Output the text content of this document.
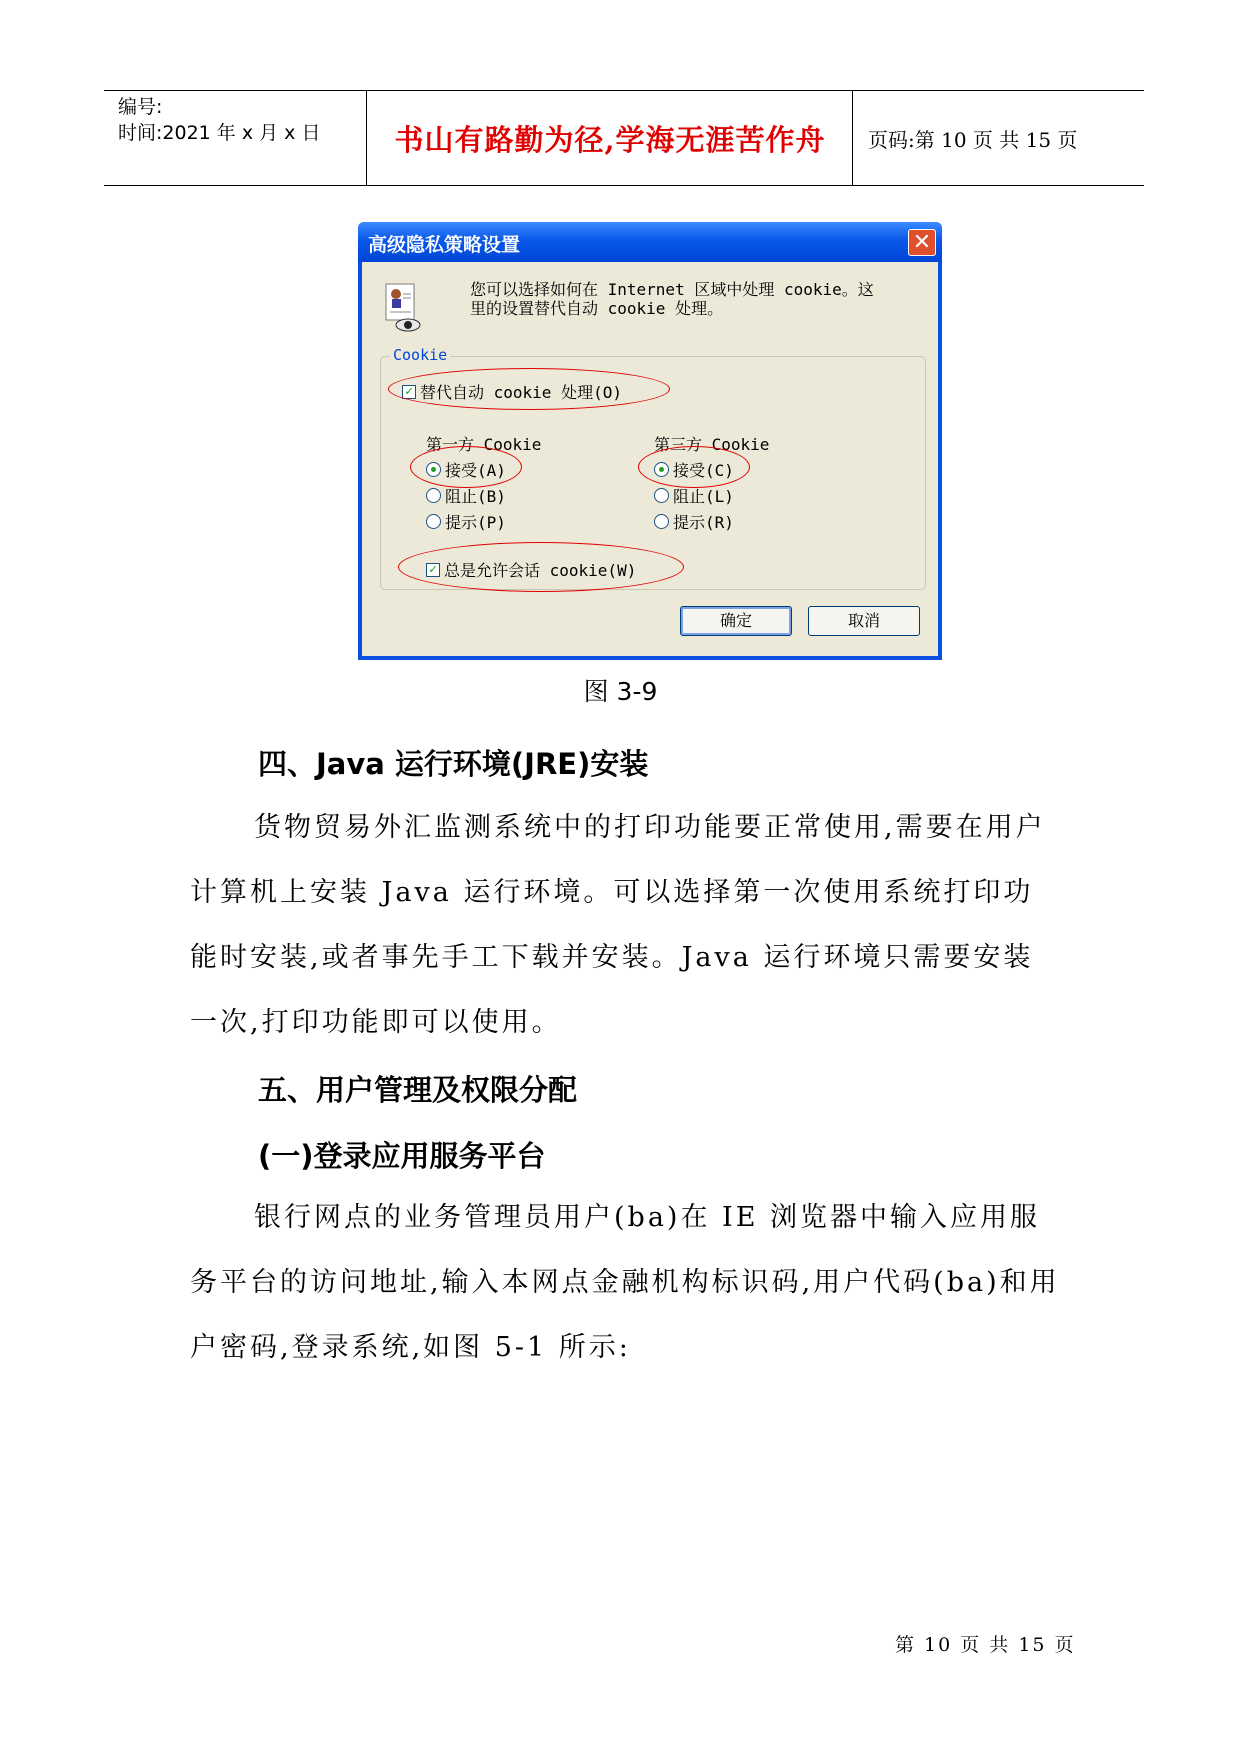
编号:
时间:2021 年 x 月 x 日	书山有路勤为径,学海无涯苦作舟 页码:第 10 页 共 15 页
高级隐私策略设置	✕
您可以选择如何在 Internet 区域中处理 cookie。这
里的设置替代自动 cookie 处理。
Cookie
✓ 替代自动 cookie 处理(O)
第一方 Cookie
接受(A)
阻止(B)
提示(P)
第三方 Cookie
接受(C)
阻止(L)
提示(R)
✓ 总是允许会话 cookie(W)
确定	取消
图 3-9
四、Java 运行环境(JRE)安装

货物贸易外汇监测系统中的打印功能要正常使用,需要在用户计算机上安装 Java 运行环境。可以选择第一次使用系统打印功能时安装,或者事先手工下载并安装。Java 运行环境只需要安装一次,打印功能即可以使用。

五、用户管理及权限分配
(一)登录应用服务平台

银行网点的业务管理员用户(ba)在 IE 浏览器中输入应用服务平台的访问地址,输入本网点金融机构标识码,用户代码(ba)和用户密码,登录系统,如图 5-1 所示:

第 10 页 共 15 页
